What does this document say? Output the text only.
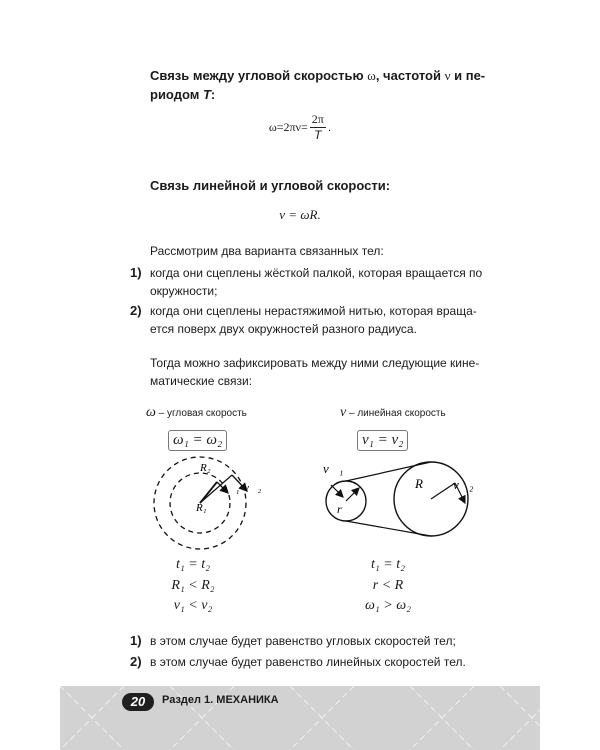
Связь между угловой скоростью ω, частотой ν и пе-
риодом T:
$\omega=2\pi\nu= \frac{2\pi}{T}$ .
Связь линейной и угловой скорости:
v = ωR.
Рассмотрим два варианта связанных тел:
1) когда они сцеплены жёсткой палкой, которая вращается по окружности;
2) когда они сцеплены нерастяжимой нитью, которая враща-ется поверх двух окружностей разного радиуса.
Тогда можно зафиксировать между ними следующие кине-матические связи:
ω – угловая скорость	v – линейная скорость
ω₁ = ω₂	v₁ = v₂
R₂
v⃗₁ v⃗₂
R₁
v⃗₁
r
R v⃗₂
t₁ = t₂
R₁ < R₂
v₁ < v₂
t₁ = t₂
r < R
ω₁ > ω₂
1) в этом случае будет равенство угловых скоростей тел;
2) в этом случае будет равенство линейных скоростей тел.
20	Раздел 1. МЕХАНИКА
